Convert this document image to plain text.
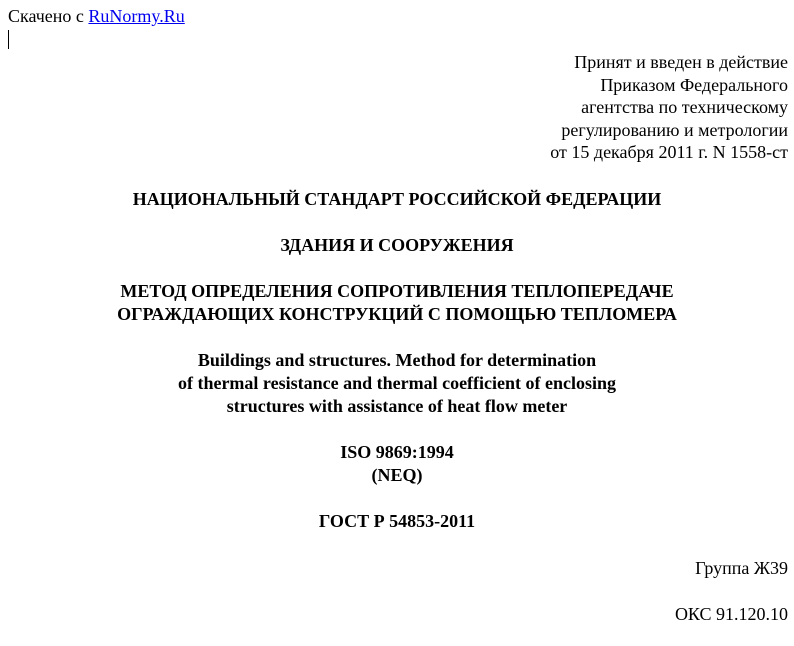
Скачено с RuNormy.Ru
Принят и введен в действие
Приказом Федерального
агентства по техническому
регулированию и метрологии
от 15 декабря 2011 г. N 1558-ст
НАЦИОНАЛЬНЫЙ СТАНДАРТ РОССИЙСКОЙ ФЕДЕРАЦИИ
ЗДАНИЯ И СООРУЖЕНИЯ
МЕТОД ОПРЕДЕЛЕНИЯ СОПРОТИВЛЕНИЯ ТЕПЛОПЕРЕДАЧЕ
ОГРАЖДАЮЩИХ КОНСТРУКЦИЙ С ПОМОЩЬЮ ТЕПЛОМЕРА
Buildings and structures. Method for determination
of thermal resistance and thermal coefficient of enclosing
structures with assistance of heat flow meter
ISO 9869:1994
(NEQ)
ГОСТ Р 54853-2011
Группа Ж39
ОКС 91.120.10
